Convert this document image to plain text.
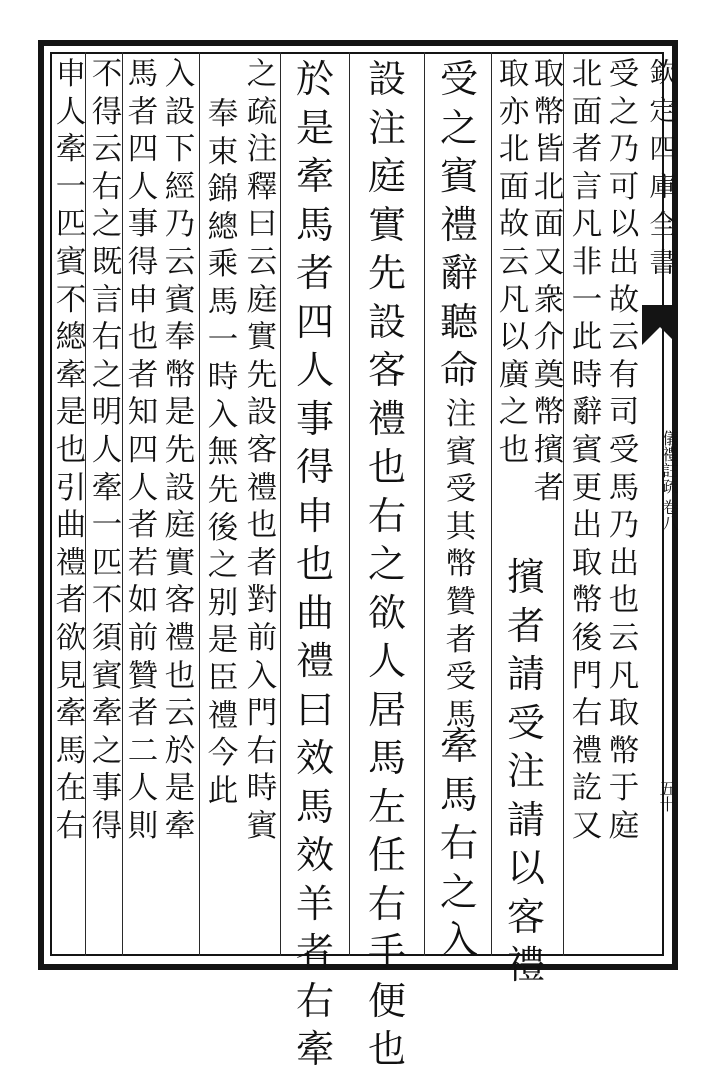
受
之
乃
可
以
出
故
云
有
司
受
馬
乃
出
也
云
凡
取
幣
于
庭
北
面
者
言
凡
非
一
此
時
辭
賓
更
出
取
幣
後
門
右
禮
訖
又
取
幣
皆
北
面
又
衆
介
奠
幣
擯
者
取
亦
北
面
故
云
凡
以
廣
之
也
擯
者
請
受
注
請
以
客
禮
受
之
賓
禮
辭
聽
命
注
賓
受
其
幣
贊
者
受
馬
牽
馬
右
之
入
設
注
庭
實
先
設
客
禮
也
右
之
欲
人
居
馬
左
任
右
手
便
也
於
是
牽
馬
者
四
人
事
得
申
也
曲
禮
曰
效
馬
效
羊
者
右
牽
之
疏
注
釋
曰
云
庭
實
先
設
客
禮
也
者
對
前
入
門
右
時
賓
奉
束
錦
總
乘
馬
一
時
入
無
先
後
之
别
是
臣
禮
今
此
入
設
下
經
乃
云
賓
奉
幣
是
先
設
庭
實
客
禮
也
云
於
是
牽
馬
者
四
人
事
得
申
也
者
知
四
人
者
若
如
前
贊
者
二
人
則
不
得
云
右
之
既
言
右
之
明
人
牽
一
匹
不
須
賓
牽
之
事
得
申
人
牽
一
匹
賓
不
總
牽
是
也
引
曲
禮
者
欲
見
牽
馬
在
右
欽
定
四
庫
全
書
儀禮註疏 卷八
五十
